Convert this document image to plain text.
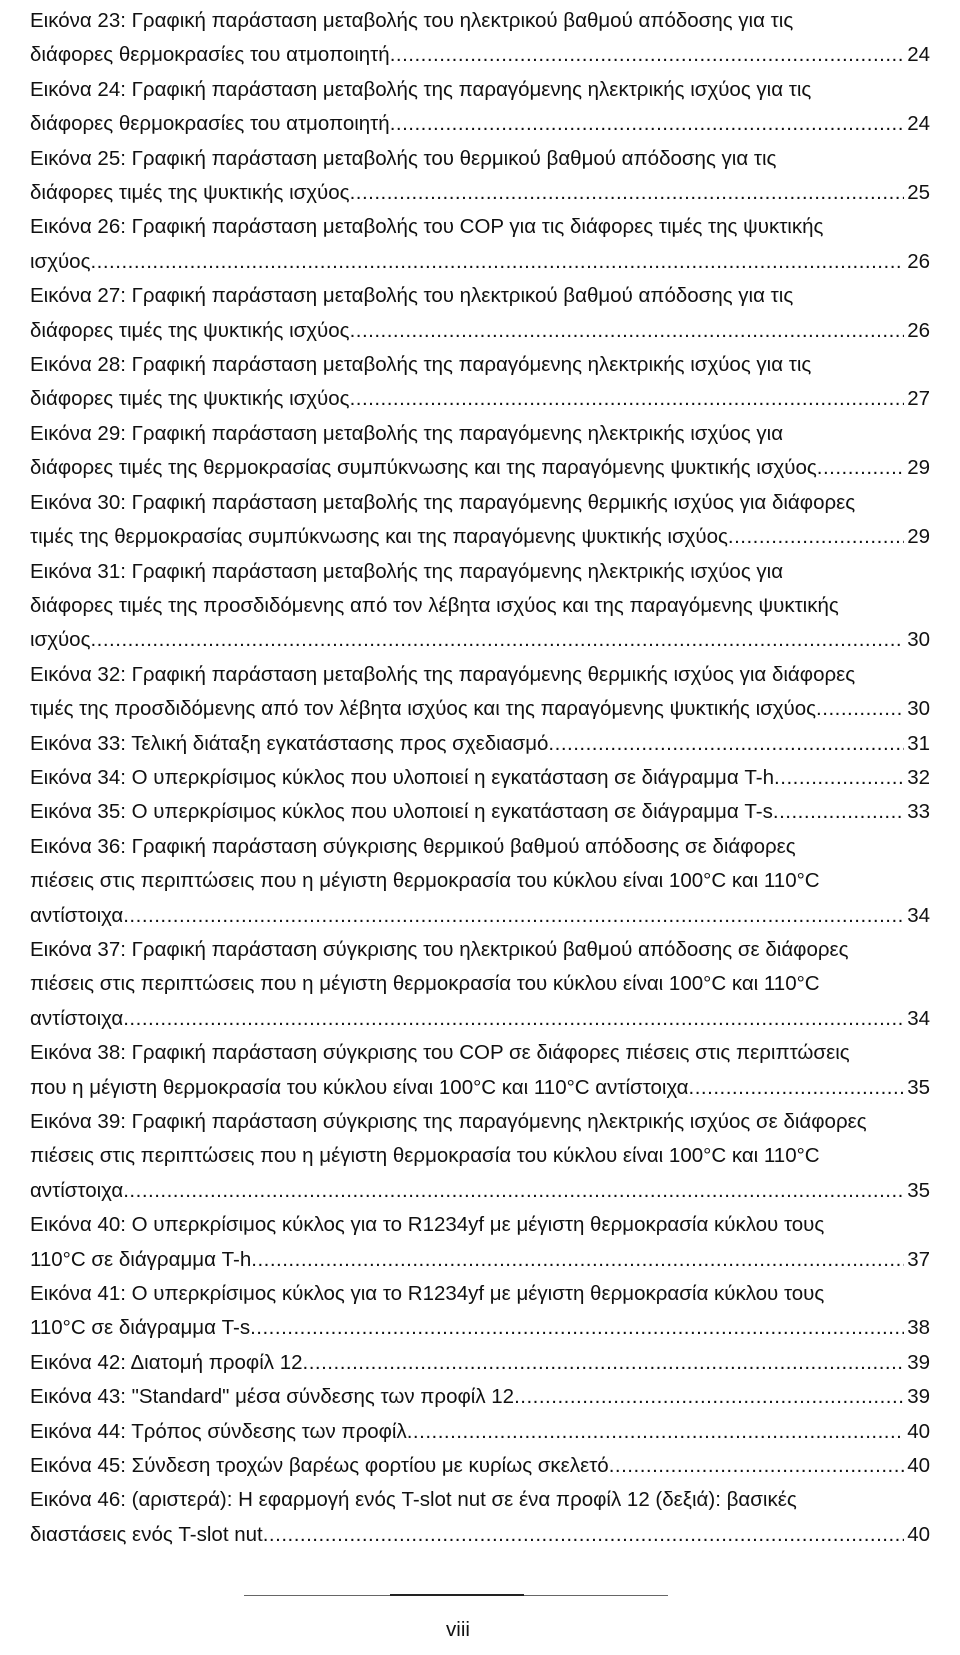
Εικόνα 23: Γραφική παράσταση μεταβολής του ηλεκτρικού βαθμού απόδοσης για τις
διάφορες θερμοκρασίες του ατμοποιητή .....	24
Εικόνα 24: Γραφική παράσταση μεταβολής της παραγόμενης ηλεκτρικής ισχύος για τις
διάφορες θερμοκρασίες του ατμοποιητή .....	24
Εικόνα 25: Γραφική παράσταση μεταβολής του θερμικού βαθμού απόδοσης για τις
διάφορες τιμές της ψυκτικής ισχύος .....	25
Εικόνα 26: Γραφική παράσταση μεταβολής του COP για τις διάφορες τιμές της ψυκτικής
ισχύος .....	26
Εικόνα 27: Γραφική παράσταση μεταβολής του ηλεκτρικού βαθμού απόδοσης για τις
διάφορες τιμές της ψυκτικής ισχύος .....	26
Εικόνα 28: Γραφική παράσταση μεταβολής της παραγόμενης ηλεκτρικής ισχύος για τις
διάφορες τιμές της ψυκτικής ισχύος .....	27
Εικόνα 29: Γραφική παράσταση μεταβολής της παραγόμενης ηλεκτρικής ισχύος για
διάφορες τιμές της θερμοκρασίας συμπύκνωσης και της παραγόμενης ψυκτικής ισχύος .....	29
Εικόνα 30: Γραφική παράσταση μεταβολής της παραγόμενης θερμικής ισχύος για διάφορες
τιμές της θερμοκρασίας συμπύκνωσης και της παραγόμενης ψυκτικής ισχύος .....	29
Εικόνα 31: Γραφική παράσταση μεταβολής της παραγόμενης ηλεκτρικής ισχύος για
διάφορες τιμές της προσδιδόμενης από τον λέβητα ισχύος και της παραγόμενης ψυκτικής
ισχύος .....	30
Εικόνα 32: Γραφική παράσταση μεταβολής της παραγόμενης θερμικής ισχύος για διάφορες
τιμές της προσδιδόμενης από τον λέβητα ισχύος και της παραγόμενης ψυκτικής ισχύος .....	30
Εικόνα 33: Τελική διάταξη εγκατάστασης προς σχεδιασμό .....	31
Εικόνα 34: Ο υπερκρίσιμος κύκλος που υλοποιεί η εγκατάσταση σε διάγραμμα T-h .....	32
Εικόνα 35: Ο υπερκρίσιμος κύκλος που υλοποιεί η εγκατάσταση σε διάγραμμα T-s .....	33
Εικόνα 36: Γραφική παράσταση σύγκρισης θερμικού βαθμού απόδοσης σε διάφορες
πιέσεις στις περιπτώσεις που η μέγιστη θερμοκρασία του κύκλου είναι 100°C και 110°C
αντίστοιχα .....	34
Εικόνα 37: Γραφική παράσταση σύγκρισης του ηλεκτρικού βαθμού απόδοσης σε διάφορες
πιέσεις στις περιπτώσεις που η μέγιστη θερμοκρασία του κύκλου είναι 100°C και 110°C
αντίστοιχα .....	34
Εικόνα 38: Γραφική παράσταση σύγκρισης του COP σε διάφορες πιέσεις στις περιπτώσεις
που η μέγιστη θερμοκρασία του κύκλου είναι 100°C και 110°C αντίστοιχα .....	35
Εικόνα 39: Γραφική παράσταση σύγκρισης της παραγόμενης ηλεκτρικής ισχύος σε διάφορες
πιέσεις στις περιπτώσεις που η μέγιστη θερμοκρασία του κύκλου είναι 100°C και 110°C
αντίστοιχα .....	35
Εικόνα 40: Ο υπερκρίσιμος κύκλος για το R1234yf με μέγιστη θερμοκρασία κύκλου τους
110°C σε διάγραμμα T-h .....	37
Εικόνα 41: Ο υπερκρίσιμος κύκλος για το R1234yf με μέγιστη θερμοκρασία κύκλου τους
110°C σε διάγραμμα T-s .....	38
Εικόνα 42: Διατομή προφίλ 12 .....	39
Εικόνα 43: "Standard" μέσα σύνδεσης των προφίλ 12 .....	39
Εικόνα 44: Τρόπος σύνδεσης των προφίλ .....	40
Εικόνα 45: Σύνδεση τροχών βαρέως φορτίου με κυρίως σκελετό .....	40
Εικόνα 46: (αριστερά): Η εφαρμογή ενός T-slot nut σε ένα προφίλ 12 (δεξιά): βασικές
διαστάσεις ενός T-slot nut .....	40
viii
